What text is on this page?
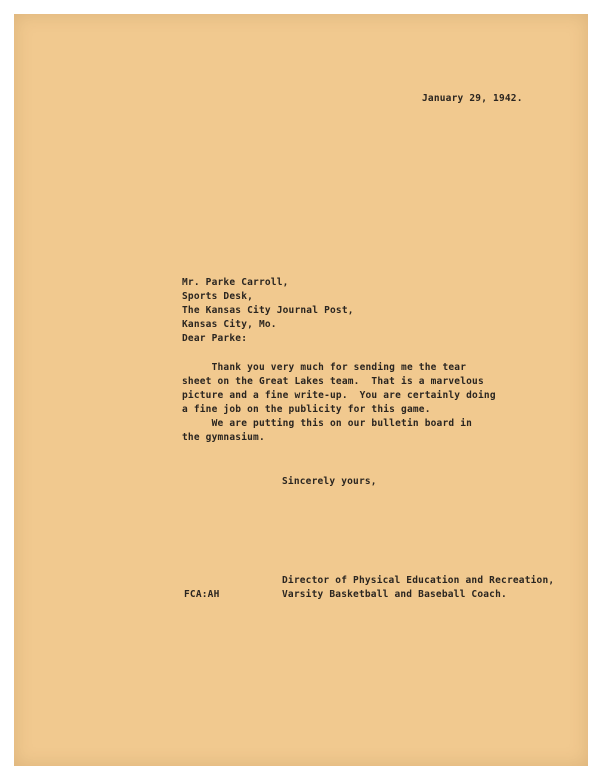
January 29, 1942.
Mr. Parke Carroll,
Sports Desk,
The Kansas City Journal Post,
Kansas City, Mo.
Dear Parke:
Thank you very much for sending me the tear
sheet on the Great Lakes team.  That is a marvelous
picture and a fine write-up.  You are certainly doing
a fine job on the publicity for this game.
We are putting this on our bulletin board in
the gymnasium.
Sincerely yours,
Director of Physical Education and Recreation,
Varsity Basketball and Baseball Coach.
FCA:AH
